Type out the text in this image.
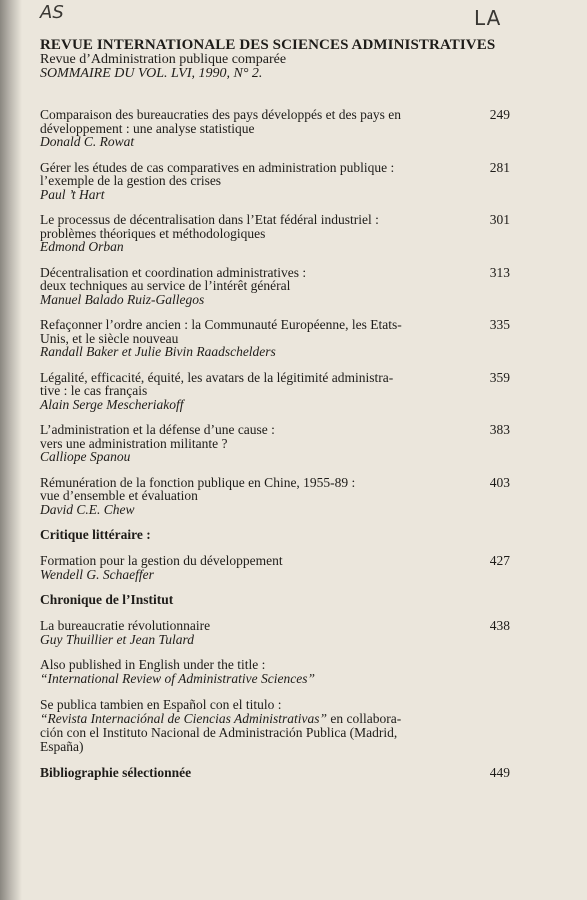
AS	LA
REVUE INTERNATIONALE DES SCIENCES ADMINISTRATIVES
Revue d’Administration publique comparée
SOMMAIRE DU VOL. LVI, 1990, N° 2.
Comparaison des bureaucraties des pays développés et des pays en
développement : une analyse statistique
Donald C. Rowat
249
Gérer les études de cas comparatives en administration publique :
l’exemple de la gestion des crises
Paul ’t Hart
281
Le processus de décentralisation dans l’Etat fédéral industriel :
problèmes théoriques et méthodologiques
Edmond Orban
301
Décentralisation et coordination administratives :
deux techniques au service de l’intérêt général
Manuel Balado Ruiz-Gallegos
313
Refaçonner l’ordre ancien : la Communauté Européenne, les Etats-
Unis, et le siècle nouveau
Randall Baker et Julie Bivin Raadschelders
335
Légalité, efficacité, équité, les avatars de la légitimité administra-
tive : le cas français
Alain Serge Mescheriakoff
359
L’administration et la défense d’une cause :
vers une administration militante ?
Calliope Spanou
383
Rémunération de la fonction publique en Chine, 1955-89 :
vue d’ensemble et évaluation
David C.E. Chew
403
Critique littéraire :
Formation pour la gestion du développement
Wendell G. Schaeffer
427
Chronique de l’Institut
La bureaucratie révolutionnaire
Guy Thuillier et Jean Tulard
438
Also published in English under the title :
“International Review of Administrative Sciences”
Se publica tambien en Español con el titulo :
“Revista Internaciónal de Ciencias Administrativas” en collabora-
ción con el Instituto Nacional de Administración Publica (Madrid,
España)
Bibliographie sélectionnée	449
